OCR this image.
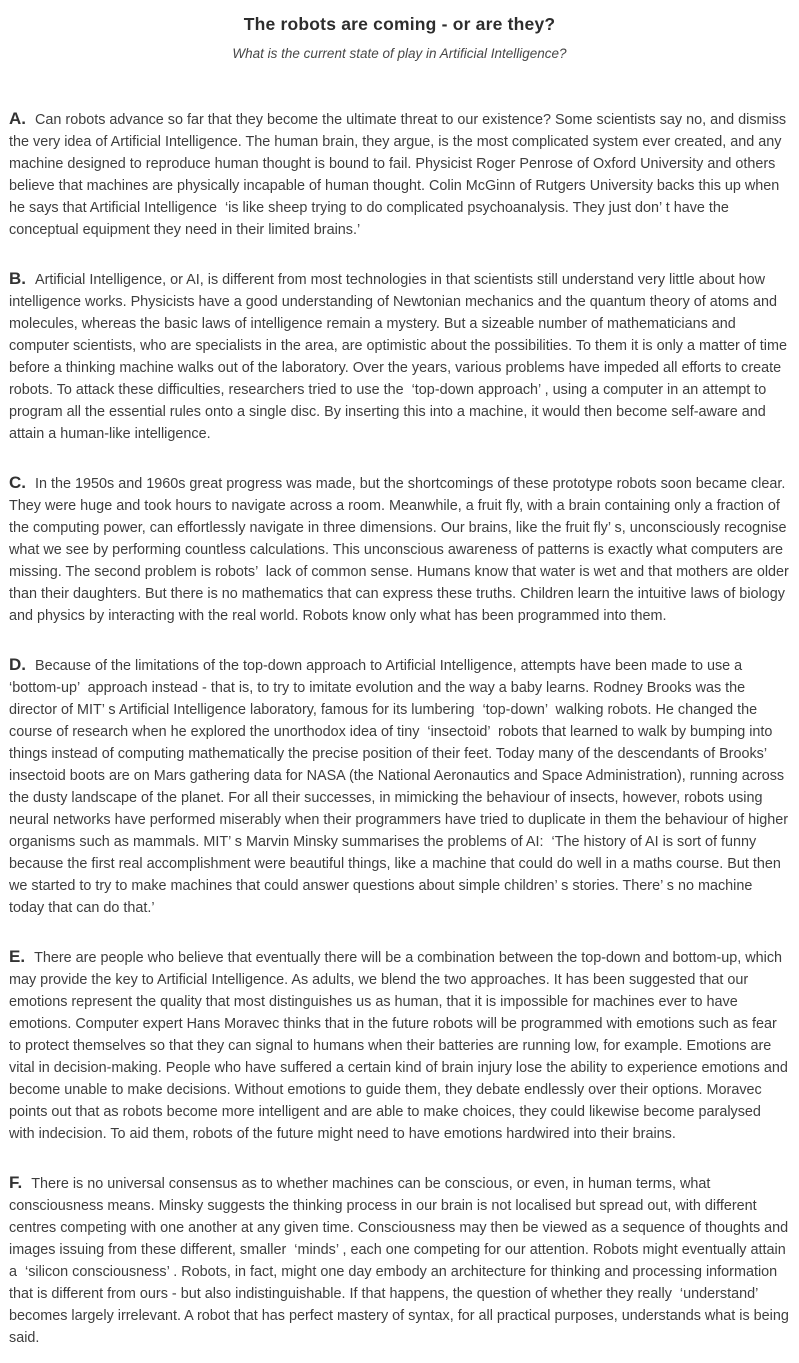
The robots are coming - or are they?
What is the current state of play in Artificial Intelligence?

A. Can robots advance so far that they become the ultimate threat to our existence? Some scientists say no, and dismiss the very idea of Artificial Intelligence. The human brain, they argue, is the most complicated system ever created, and any machine designed to reproduce human thought is bound to fail. Physicist Roger Penrose of Oxford University and others believe that machines are physically incapable of human thought. Colin McGinn of Rutgers University backs this up when he says that Artificial Intelligence  ‘is like sheep trying to do complicated psychoanalysis. They just don’ t have the conceptual equipment they need in their limited brains.’

B. Artificial Intelligence, or AI, is different from most technologies in that scientists still understand very little about how intelligence works. Physicists have a good understanding of Newtonian mechanics and the quantum theory of atoms and molecules, whereas the basic laws of intelligence remain a mystery. But a sizeable number of mathematicians and computer scientists, who are specialists in the area, are optimistic about the possibilities. To them it is only a matter of time before a thinking machine walks out of the laboratory. Over the years, various problems have impeded all efforts to create robots. To attack these difficulties, researchers tried to use the  ‘top-down approach’ , using a computer in an attempt to program all the essential rules onto a single disc. By inserting this into a machine, it would then become self-aware and attain a human-like intelligence.

C. In the 1950s and 1960s great progress was made, but the shortcomings of these prototype robots soon became clear. They were huge and took hours to navigate across a room. Meanwhile, a fruit fly, with a brain containing only a fraction of the computing power, can effortlessly navigate in three dimensions. Our brains, like the fruit fly’ s, unconsciously recognise what we see by performing countless calculations. This unconscious awareness of patterns is exactly what computers are missing. The second problem is robots’  lack of common sense. Humans know that water is wet and that mothers are older than their daughters. But there is no mathematics that can express these truths. Children learn the intuitive laws of biology and physics by interacting with the real world. Robots know only what has been programmed into them.

D. Because of the limitations of the top-down approach to Artificial Intelligence, attempts have been made to use a  ‘bottom-up’  approach instead - that is, to try to imitate evolution and the way a baby learns. Rodney Brooks was the director of MIT’ s Artificial Intelligence laboratory, famous for its lumbering  ‘top-down’  walking robots. He changed the course of research when he explored the unorthodox idea of tiny  ‘insectoid’  robots that learned to walk by bumping into things instead of computing mathematically the precise position of their feet. Today many of the descendants of Brooks’ insectoid boots are on Mars gathering data for NASA (the National Aeronautics and Space Administration), running across the dusty landscape of the planet. For all their successes, in mimicking the behaviour of insects, however, robots using neural networks have performed miserably when their programmers have tried to duplicate in them the behaviour of higher organisms such as mammals. MIT’ s Marvin Minsky summarises the problems of AI:  ‘The history of AI is sort of funny because the first real accomplishment were beautiful things, like a machine that could do well in a maths course. But then we started to try to make machines that could answer questions about simple children’ s stories. There’ s no machine today that can do that.’

E. There are people who believe that eventually there will be a combination between the top-down and bottom-up, which may provide the key to Artificial Intelligence. As adults, we blend the two approaches. It has been suggested that our emotions represent the quality that most distinguishes us as human, that it is impossible for machines ever to have emotions. Computer expert Hans Moravec thinks that in the future robots will be programmed with emotions such as fear to protect themselves so that they can signal to humans when their batteries are running low, for example. Emotions are vital in decision-making. People who have suffered a certain kind of brain injury lose the ability to experience emotions and become unable to make decisions. Without emotions to guide them, they debate endlessly over their options. Moravec points out that as robots become more intelligent and are able to make choices, they could likewise become paralysed with indecision. To aid them, robots of the future might need to have emotions hardwired into their brains.

F. There is no universal consensus as to whether machines can be conscious, or even, in human terms, what consciousness means. Minsky suggests the thinking process in our brain is not localised but spread out, with different centres competing with one another at any given time. Consciousness may then be viewed as a sequence of thoughts and images issuing from these different, smaller  ‘minds’ , each one competing for our attention. Robots might eventually attain a  ‘silicon consciousness’ . Robots, in fact, might one day embody an architecture for thinking and processing information that is different from ours - but also indistinguishable. If that happens, the question of whether they really  ‘understand’  becomes largely irrelevant. A robot that has perfect mastery of syntax, for all practical purposes, understands what is being said.
